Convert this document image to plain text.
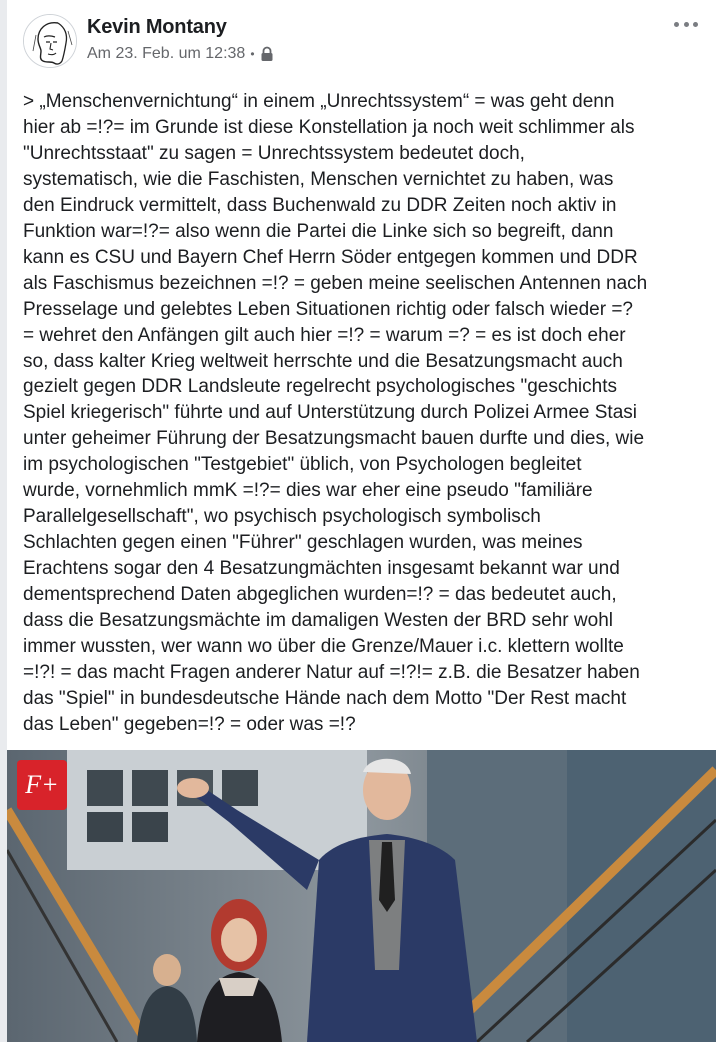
Kevin Montany
Am 23. Feb. um 12:38 •
> „Menschenvernichtung“ in einem „Unrechtssystem“ = was geht denn
hier ab =!?= im Grunde ist diese Konstellation ja noch weit schlimmer als
"Unrechtsstaat" zu sagen = Unrechtssystem bedeutet doch,
systematisch, wie die Faschisten, Menschen vernichtet zu haben, was
den Eindruck vermittelt, dass Buchenwald zu DDR Zeiten noch aktiv in
Funktion war=!?= also wenn die Partei die Linke sich so begreift, dann
kann es CSU und Bayern Chef Herrn Söder entgegen kommen und DDR
als Faschismus bezeichnen =!? = geben meine seelischen Antennen nach
Presselage und gelebtes Leben Situationen richtig oder falsch wieder =?
= wehret den Anfängen gilt auch hier =!? = warum =? = es ist doch eher
so, dass kalter Krieg weltweit herrschte und die Besatzungsmacht auch
gezielt gegen DDR Landsleute regelrecht psychologisches "geschichts
Spiel kriegerisch" führte und auf Unterstützung durch Polizei Armee Stasi
unter geheimer Führung der Besatzungsmacht bauen durfte und dies, wie
im psychologischen "Testgebiet" üblich, von Psychologen begleitet
wurde, vornehmlich mmK =!?= dies war eher eine pseudo "familiäre
Parallelgesellschaft", wo psychisch psychologisch symbolisch
Schlachten gegen einen "Führer" geschlagen wurden, was meines
Erachtens sogar den 4 Besatzungmächten insgesamt bekannt war und
dementsprechend Daten abgeglichen wurden=!? = das bedeutet auch,
dass die Besatzungsmächte im damaligen Westen der BRD sehr wohl
immer wussten, wer wann wo über die Grenze/Mauer i.c. klettern wollte
=!?! = das macht Fragen anderer Natur auf =!?!= z.B. die Besatzer haben
das "Spiel" in bundesdeutsche Hände nach dem Motto "Der Rest macht
das Leben" gegeben=!? = oder was =!?
F+
